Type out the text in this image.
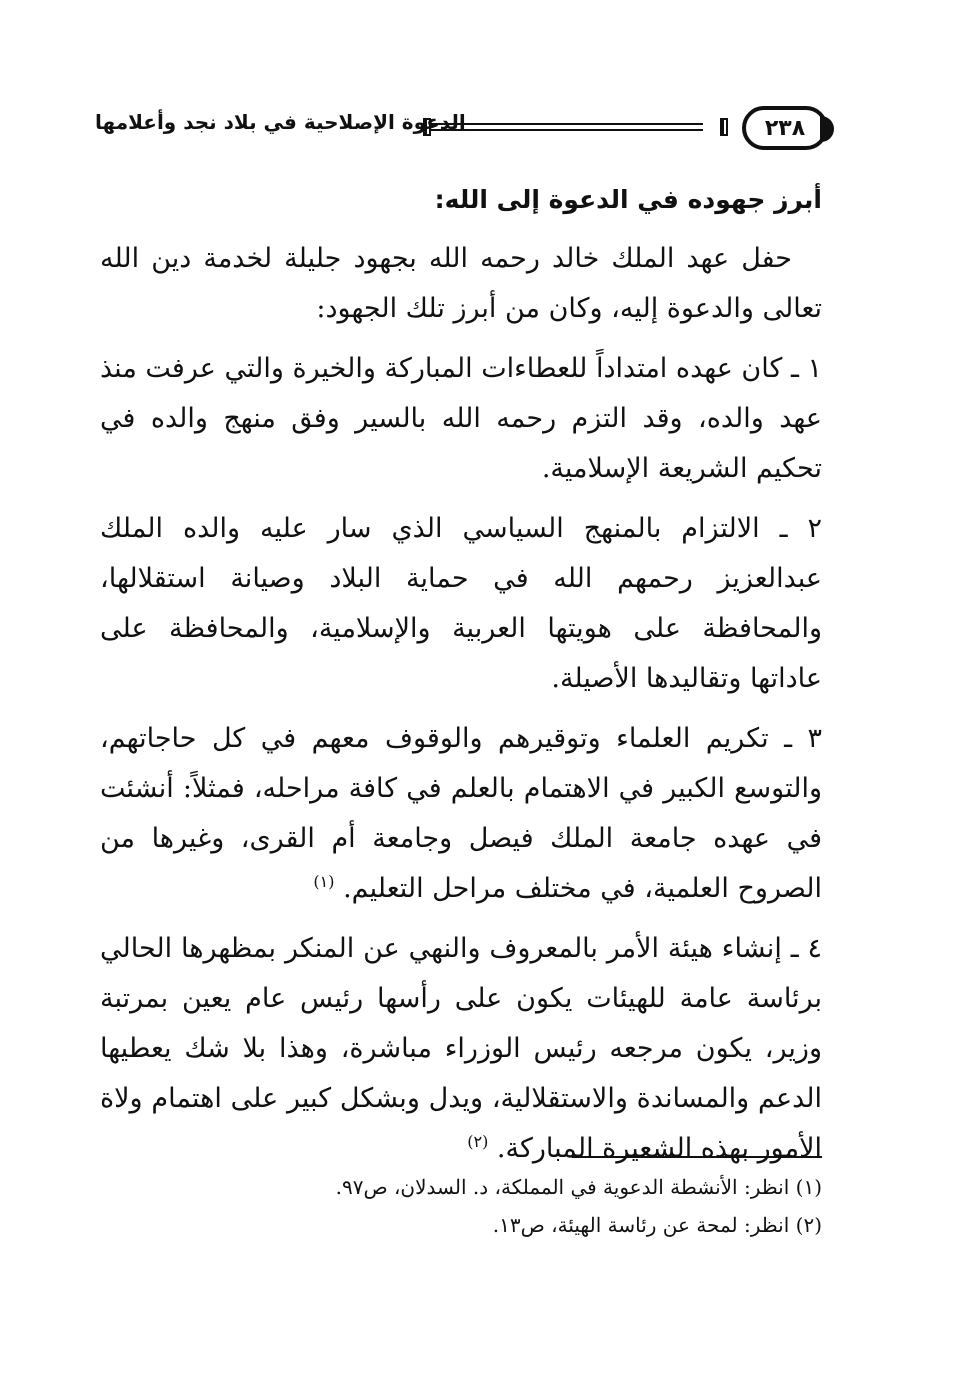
٢٣٨
الدعوة الإصلاحية في بلاد نجد وأعلامها
أبرز جهوده في الدعوة إلى الله:

حفل عهد الملك خالد رحمه الله بجهود جليلة لخدمة دين الله تعالى والدعوة إليه، وكان من أبرز تلك الجهود:

١ ـ كان عهده امتداداً للعطاءات المباركة والخيرة والتي عرفت منذ عهد والده، وقد التزم رحمه الله بالسير وفق منهج والده في تحكيم الشريعة الإسلامية.

٢ ـ الالتزام بالمنهج السياسي الذي سار عليه والده الملك عبدالعزيز رحمهم الله في حماية البلاد وصيانة استقلالها، والمحافظة على هويتها العربية والإسلامية، والمحافظة على عاداتها وتقاليدها الأصيلة.

٣ ـ تكريم العلماء وتوقيرهم والوقوف معهم في كل حاجاتهم، والتوسع الكبير في الاهتمام بالعلم في كافة مراحله، فمثلاً: أنشئت في عهده جامعة الملك فيصل وجامعة أم القرى، وغيرها من الصروح العلمية، في مختلف مراحل التعليم. $^{(١)}$

٤ ـ إنشاء هيئة الأمر بالمعروف والنهي عن المنكر بمظهرها الحالي برئاسة عامة للهيئات يكون على رأسها رئيس عام يعين بمرتبة وزير، يكون مرجعه رئيس الوزراء مباشرة، وهذا بلا شك يعطيها الدعم والمساندة والاستقلالية، ويدل وبشكل كبير على اهتمام ولاة الأمور بهذه الشعيرة المباركة. $^{(٢)}$

(١) انظر: الأنشطة الدعوية في المملكة، د. السدلان، ص٩٧.

(٢) انظر: لمحة عن رئاسة الهيئة، ص١٣.
